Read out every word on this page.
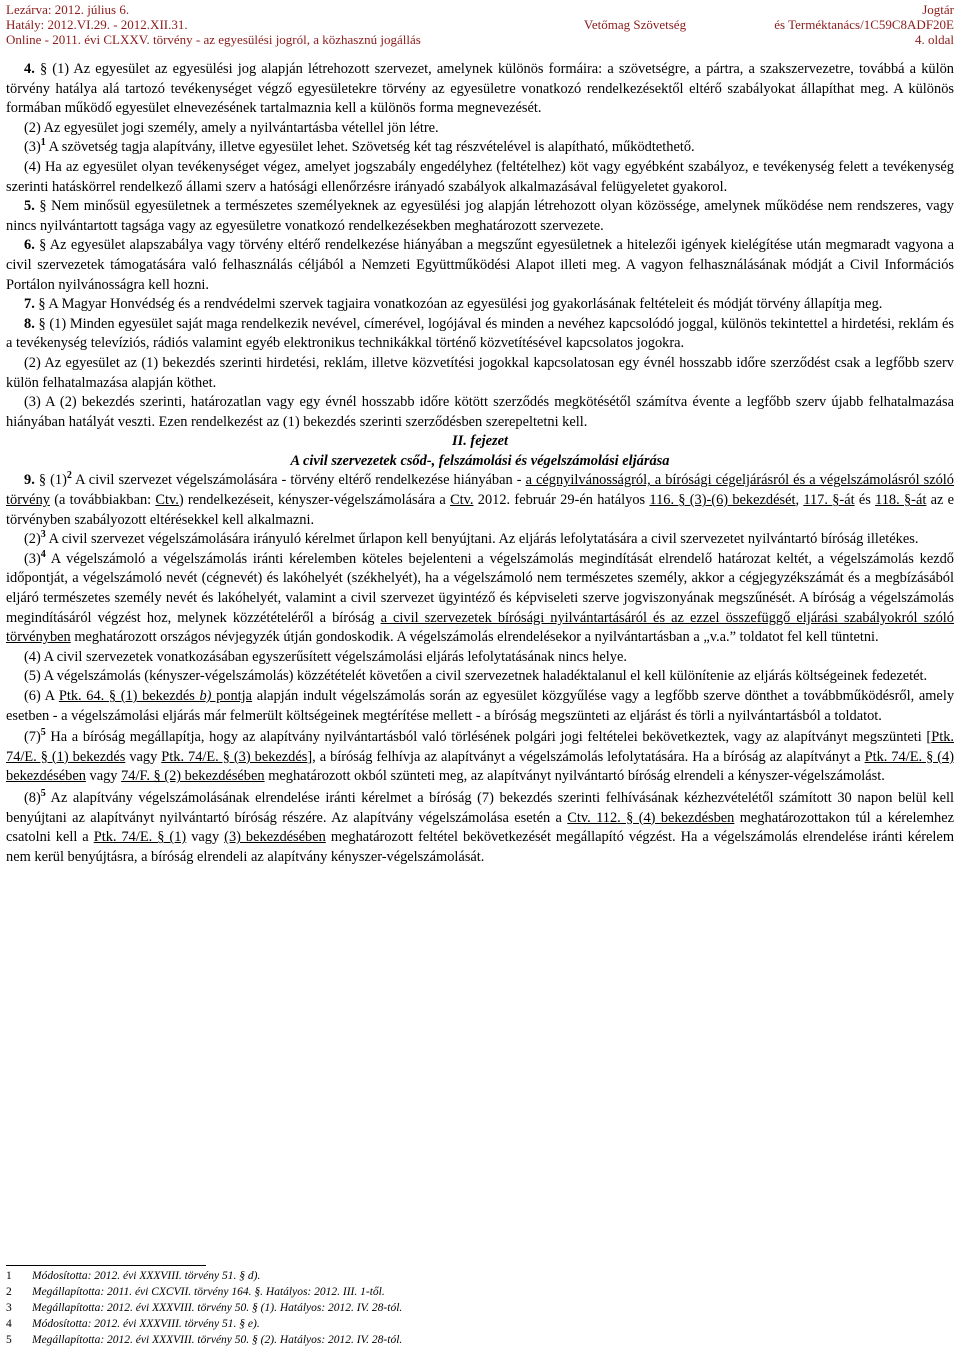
Lezárva: 2012. július 6.
Hatály: 2012.VI.29. - 2012.XII.31.
Online - 2011. évi CLXXV. törvény - az egyesülési jogról, a közhasznú jogállás
Vetőmag Szövetség
Jogtár
és Terméktanács/1C59C8ADF20E
4. oldal

4. § (1) Az egyesület az egyesülési jog alapján létrehozott szervezet, amelynek különös formáira: a szövetségre, a pártra, a szakszervezetre, továbbá a külön törvény hatálya alá tartozó tevékenységet végző egyesületekre törvény az egyesületre vonatkozó rendelkezésektől eltérő szabályokat állapíthat meg. A különös formában működő egyesület elnevezésének tartalmaznia kell a különös forma megnevezését.

(2) Az egyesület jogi személy, amely a nyilvántartásba vétellel jön létre.

$(3)^1$ A szövetség tagja alapítvány, illetve egyesület lehet. Szövetség két tag részvételével is alapítható, működtethető.

(4) Ha az egyesület olyan tevékenységet végez, amelyet jogszabály engedélyhez (feltételhez) köt vagy egyébként szabályoz, e tevékenység felett a tevékenység szerinti hatáskörrel rendelkező állami szerv a hatósági ellenőrzésre irányadó szabályok alkalmazásával felügyeletet gyakorol.

5. § Nem minősül egyesületnek a természetes személyeknek az egyesülési jog alapján létrehozott olyan közössége, amelynek működése nem rendszeres, vagy nincs nyilvántartott tagsága vagy az egyesületre vonatkozó rendelkezésekben meghatározott szervezete.

6. § Az egyesület alapszabálya vagy törvény eltérő rendelkezése hiányában a megszűnt egyesületnek a hitelezői igények kielégítése után megmaradt vagyona a civil szervezetek támogatására való felhasználás céljából a Nemzeti Együttműködési Alapot illeti meg. A vagyon felhasználásának módját a Civil Információs Portálon nyilvánosságra kell hozni.

7. § A Magyar Honvédség és a rendvédelmi szervek tagjaira vonatkozóan az egyesülési jog gyakorlásának feltételeit és módját törvény állapítja meg.

8. § (1) Minden egyesület saját maga rendelkezik nevével, címerével, logójával és minden a nevéhez kapcsolódó joggal, különös tekintettel a hirdetési, reklám és a tevékenység televíziós, rádiós valamint egyéb elektronikus technikákkal történő közvetítésével kapcsolatos jogokra.

(2) Az egyesület az (1) bekezdés szerinti hirdetési, reklám, illetve közvetítési jogokkal kapcsolatosan egy évnél hosszabb időre szerződést csak a legfőbb szerv külön felhatalmazása alapján köthet.

(3) A (2) bekezdés szerinti, határozatlan vagy egy évnél hosszabb időre kötött szerződés megkötésétől számítva évente a legfőbb szerv újabb felhatalmazása hiányában hatályát veszti. Ezen rendelkezést az (1) bekezdés szerinti szerződésben szerepeltetni kell.

II. fejezet

A civil szervezetek csőd-, felszámolási és végelszámolási eljárása

9. § $(1)^2$ A civil szervezet végelszámolására - törvény eltérő rendelkezése hiányában - a cégnyilvánosságról, a bírósági cégeljárásról és a végelszámolásról szóló törvény (a továbbiakban: Ctv.) rendelkezéseit, kényszer-végelszámolására a Ctv. 2012. február 29-én hatályos 116. § (3)-(6) bekezdését, 117. §-át és 118. §-át az e törvényben szabályozott eltérésekkel kell alkalmazni.

$(2)^3$ A civil szervezet végelszámolására irányuló kérelmet űrlapon kell benyújtani. Az eljárás lefolytatására a civil szervezetet nyilvántartó bíróság illetékes.

$(3)^4$ A végelszámoló a végelszámolás iránti kérelemben köteles bejelenteni a végelszámolás megindítását elrendelő határozat keltét, a végelszámolás kezdő időpontját, a végelszámoló nevét (cégnevét) és lakóhelyét (székhelyét), ha a végelszámoló nem természetes személy, akkor a cégjegyzékszámát és a megbízásából eljáró természetes személy nevét és lakóhelyét, valamint a civil szervezet ügyintéző és képviseleti szerve jogviszonyának megszűnését. A bíróság a végelszámolás megindításáról végzést hoz, melynek közzétételéről a bíróság a civil szervezetek bírósági nyilvántartásáról és az ezzel összefüggő eljárási szabályokról szóló törvényben meghatározott országos névjegyzék útján gondoskodik. A végelszámolás elrendelésekor a nyilvántartásban a „v.a.” toldatot fel kell tüntetni.

(4) A civil szervezetek vonatkozásában egyszerűsített végelszámolási eljárás lefolytatásának nincs helye.

(5) A végelszámolás (kényszer-végelszámolás) közzétételét követően a civil szervezetnek haladéktalanul el kell különítenie az eljárás költségeinek fedezetét.

(6) A Ptk. 64. § (1) bekezdés b) pontja alapján indult végelszámolás során az egyesület közgyűlése vagy a legfőbb szerve dönthet a továbbműködésről, amely esetben - a végelszámolási eljárás már felmerült költségeinek megtérítése mellett - a bíróság megszünteti az eljárást és törli a nyilvántartásból a toldatot.

$(7)^5$ Ha a bíróság megállapítja, hogy az alapítvány nyilvántartásból való törlésének polgári jogi feltételei bekövetkeztek, vagy az alapítványt megszünteti [Ptk. 74/E. § (1) bekezdés vagy Ptk. 74/E. § (3) bekezdés], a bíróság felhívja az alapítványt a végelszámolás lefolytatására. Ha a bíróság az alapítványt a Ptk. 74/E. § (4) bekezdésében vagy 74/F. § (2) bekezdésében meghatározott okból szünteti meg, az alapítványt nyilvántartó bíróság elrendeli a kényszer-végelszámolást.

$(8)^5$ Az alapítvány végelszámolásának elrendelése iránti kérelmet a bíróság (7) bekezdés szerinti felhívásának kézhezvételétől számított 30 napon belül kell benyújtani az alapítványt nyilvántartó bíróság részére. Az alapítvány végelszámolása esetén a Ctv. 112. § (4) bekezdésben meghatározottakon túl a kérelemhez csatolni kell a Ptk. 74/E. § (1) vagy (3) bekezdésében meghatározott feltétel bekövetkezését megállapító végzést. Ha a végelszámolás elrendelése iránti kérelem nem kerül benyújtásra, a bíróság elrendeli az alapítvány kényszer-végelszámolását.

1 Módosította: 2012. évi XXXVIII. törvény 51. § d).
2 Megállapította: 2011. évi CXCVII. törvény 164. §. Hatályos: 2012. III. 1-től.
3 Megállapította: 2012. évi XXXVIII. törvény 50. § (1). Hatályos: 2012. IV. 28-tól.
4 Módosította: 2012. évi XXXVIII. törvény 51. § e).
5 Megállapította: 2012. évi XXXVIII. törvény 50. § (2). Hatályos: 2012. IV. 28-tól.
